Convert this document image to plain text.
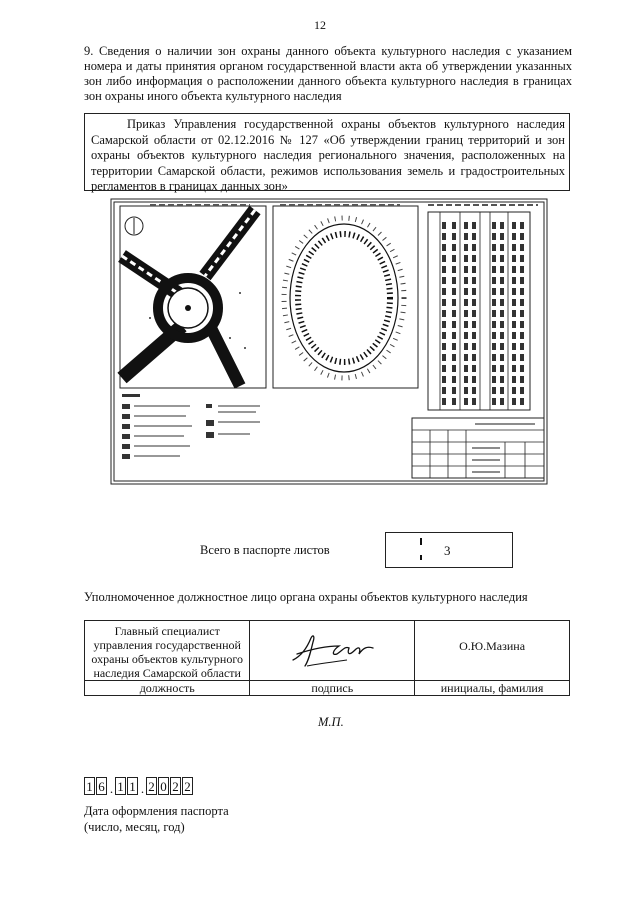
12
9. Сведения о наличии зон охраны данного объекта культурного наследия с указанием номера и даты принятия органом государственной власти акта об утверждении указанных зон либо информация о расположении данного объекта культурного наследия в границах зон охраны иного объекта культурного наследия
Приказ Управления государственной охраны объектов культурного наследия Самарской области от 02.12.2016 № 127 «Об утверждении границ территорий и зон охраны объектов культурного наследия регионального значения, расположенных на территории Самарской области, режимов использования земель и градостроительных регламентов в границах данных зон»
Всего в паспорте листов	3
Уполномоченное должностное лицо органа охраны объектов культурного наследия
Главный специалист управления государственной охраны объектов культурного наследия Самарской области		О.Ю.Мазина
должность	подпись	инициалы, фамилия
М.П.
1 6 . 1 1 . 2 0 2 2
Дата оформления паспорта
(число, месяц, год)
